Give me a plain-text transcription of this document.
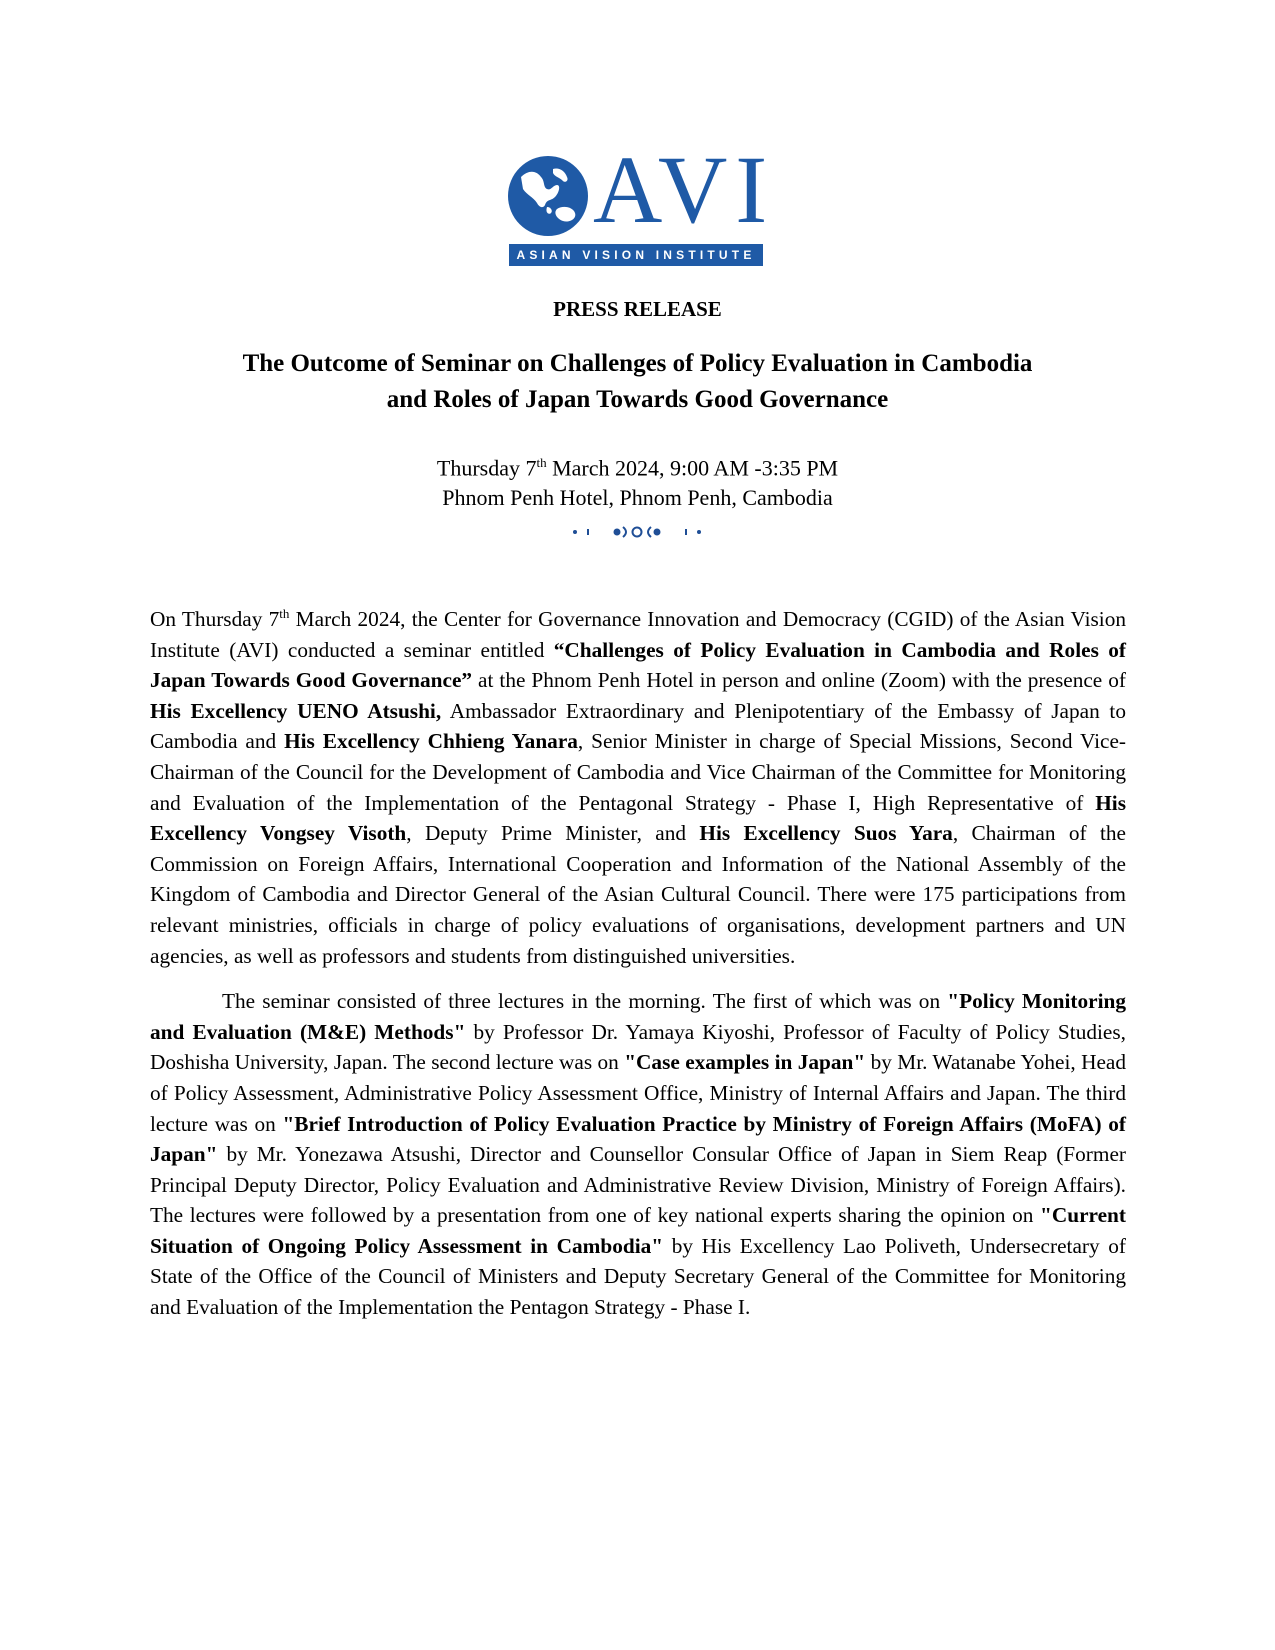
AVI
ASIAN VISION INSTITUTE
PRESS RELEASE
The Outcome of Seminar on Challenges of Policy Evaluation in Cambodia
and Roles of Japan Towards Good Governance
Thursday 7th March 2024, 9:00 AM -3:35 PM
Phnom Penh Hotel, Phnom Penh, Cambodia

On Thursday 7th March 2024, the Center for Governance Innovation and Democracy (CGID) of the Asian Vision Institute (AVI) conducted a seminar entitled “Challenges of Policy Evaluation in Cambodia and Roles of Japan Towards Good Governance” at the Phnom Penh Hotel in person and online (Zoom) with the presence of His Excellency UENO Atsushi, Ambassador Extraordinary and Plenipotentiary of the Embassy of Japan to Cambodia and His Excellency Chhieng Yanara, Senior Minister in charge of Special Missions, Second Vice-Chairman of the Council for the Development of Cambodia and Vice Chairman of the Committee for Monitoring and Evaluation of the Implementation of the Pentagonal Strategy - Phase I, High Representative of His Excellency Vongsey Visoth, Deputy Prime Minister, and His Excellency Suos Yara, Chairman of the Commission on Foreign Affairs, International Cooperation and Information of the National Assembly of the Kingdom of Cambodia and Director General of the Asian Cultural Council. There were 175 participations from relevant ministries, officials in charge of policy evaluations of organisations, development partners and UN agencies, as well as professors and students from distinguished universities.

The seminar consisted of three lectures in the morning. The first of which was on "Policy Monitoring and Evaluation (M&E) Methods" by Professor Dr. Yamaya Kiyoshi, Professor of Faculty of Policy Studies, Doshisha University, Japan. The second lecture was on "Case examples in Japan" by Mr. Watanabe Yohei, Head of Policy Assessment, Administrative Policy Assessment Office, Ministry of Internal Affairs and Japan. The third lecture was on "Brief Introduction of Policy Evaluation Practice by Ministry of Foreign Affairs (MoFA) of Japan" by Mr. Yonezawa Atsushi, Director and Counsellor Consular Office of Japan in Siem Reap (Former Principal Deputy Director, Policy Evaluation and Administrative Review Division, Ministry of Foreign Affairs). The lectures were followed by a presentation from one of key national experts sharing the opinion on "Current Situation of Ongoing Policy Assessment in Cambodia" by His Excellency Lao Poliveth, Undersecretary of State of the Office of the Council of Ministers and Deputy Secretary General of the Committee for Monitoring and Evaluation of the Implementation the Pentagon Strategy - Phase I.
